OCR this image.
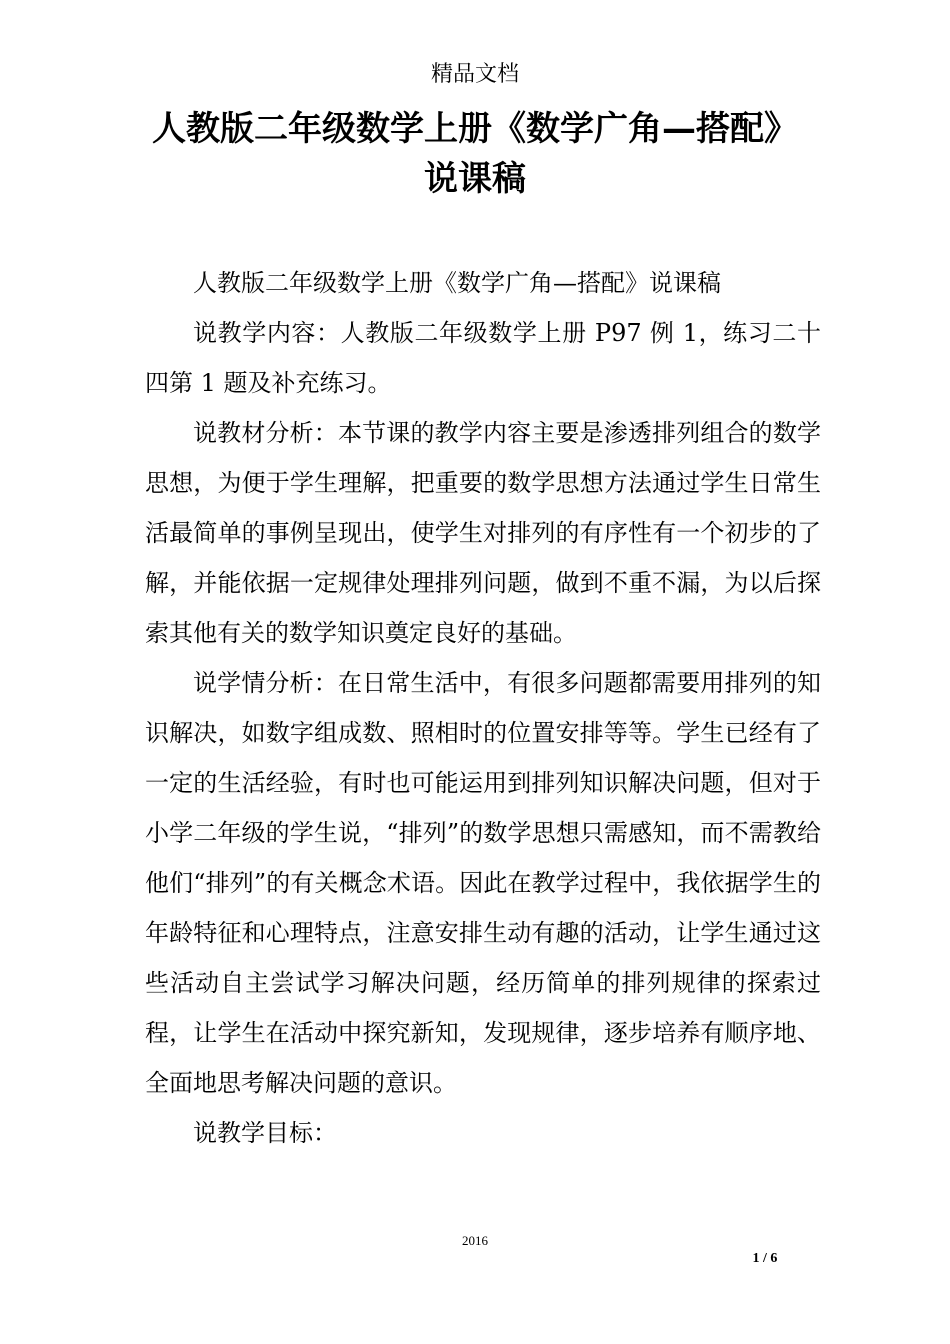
精品文档
人教版二年级数学上册《数学广角—搭配》
说课稿

人教版二年级数学上册《数学广角—搭配》说课稿

说教学内容：人教版二年级数学上册 P97 例 1，练习二十四第 1 题及补充练习。

说教材分析：本节课的教学内容主要是渗透排列组合的数学思想，为便于学生理解，把重要的数学思想方法通过学生日常生活最简单的事例呈现出，使学生对排列的有序性有一个初步的了解，并能依据一定规律处理排列问题，做到不重不漏，为以后探索其他有关的数学知识奠定良好的基础。

说学情分析：在日常生活中，有很多问题都需要用排列的知识解决，如数字组成数、照相时的位置安排等等。学生已经有了一定的生活经验，有时也可能运用到排列知识解决问题，但对于小学二年级的学生说，“排列”的数学思想只需感知，而不需教给他们“排列”的有关概念术语。因此在教学过程中，我依据学生的年龄特征和心理特点，注意安排生动有趣的活动，让学生通过这些活动自主尝试学习解决问题，经历简单的排列规律的探索过程，让学生在活动中探究新知，发现规律，逐步培养有顺序地、全面地思考解决问题的意识。

说教学目标：

2016
1 / 6
